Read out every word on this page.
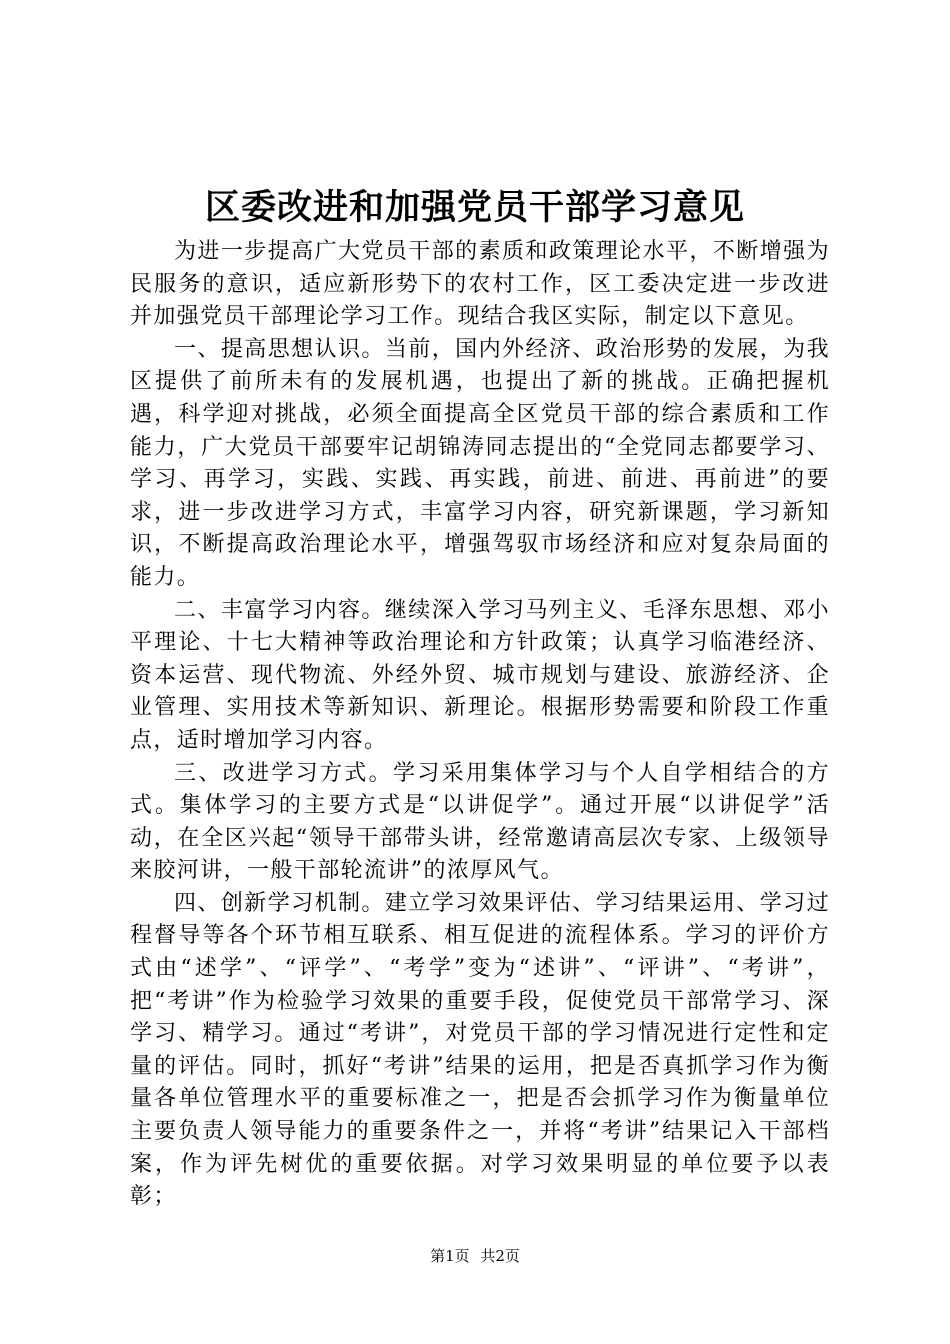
区委改进和加强党员干部学习意见

为进一步提高广大党员干部的素质和政策理论水平，不断增强为民服务的意识，适应新形势下的农村工作，区工委决定进一步改进并加强党员干部理论学习工作。现结合我区实际，制定以下意见。

一、提高思想认识。当前，国内外经济、政治形势的发展，为我区提供了前所未有的发展机遇，也提出了新的挑战。正确把握机遇，科学迎对挑战，必须全面提高全区党员干部的综合素质和工作能力，广大党员干部要牢记胡锦涛同志提出的“全党同志都要学习、学习、再学习，实践、实践、再实践，前进、前进、再前进”的要求，进一步改进学习方式，丰富学习内容，研究新课题，学习新知识，不断提高政治理论水平，增强驾驭市场经济和应对复杂局面的能力。

二、丰富学习内容。继续深入学习马列主义、毛泽东思想、邓小平理论、十七大精神等政治理论和方针政策；认真学习临港经济、资本运营、现代物流、外经外贸、城市规划与建设、旅游经济、企业管理、实用技术等新知识、新理论。根据形势需要和阶段工作重点，适时增加学习内容。

三、改进学习方式。学习采用集体学习与个人自学相结合的方式。集体学习的主要方式是“以讲促学”。通过开展“以讲促学”活动，在全区兴起“领导干部带头讲，经常邀请高层次专家、上级领导来胶河讲，一般干部轮流讲”的浓厚风气。

四、创新学习机制。建立学习效果评估、学习结果运用、学习过程督导等各个环节相互联系、相互促进的流程体系。学习的评价方式由“述学”、“评学”、“考学”变为“述讲”、“评讲”、“考讲”，把“考讲”作为检验学习效果的重要手段，促使党员干部常学习、深学习、精学习。通过“考讲”，对党员干部的学习情况进行定性和定量的评估。同时，抓好“考讲”结果的运用，把是否真抓学习作为衡量各单位管理水平的重要标准之一，把是否会抓学习作为衡量单位主要负责人领导能力的重要条件之一，并将“考讲”结果记入干部档案，作为评先树优的重要依据。对学习效果明显的单位要予以表彰；

第1页 共2页
